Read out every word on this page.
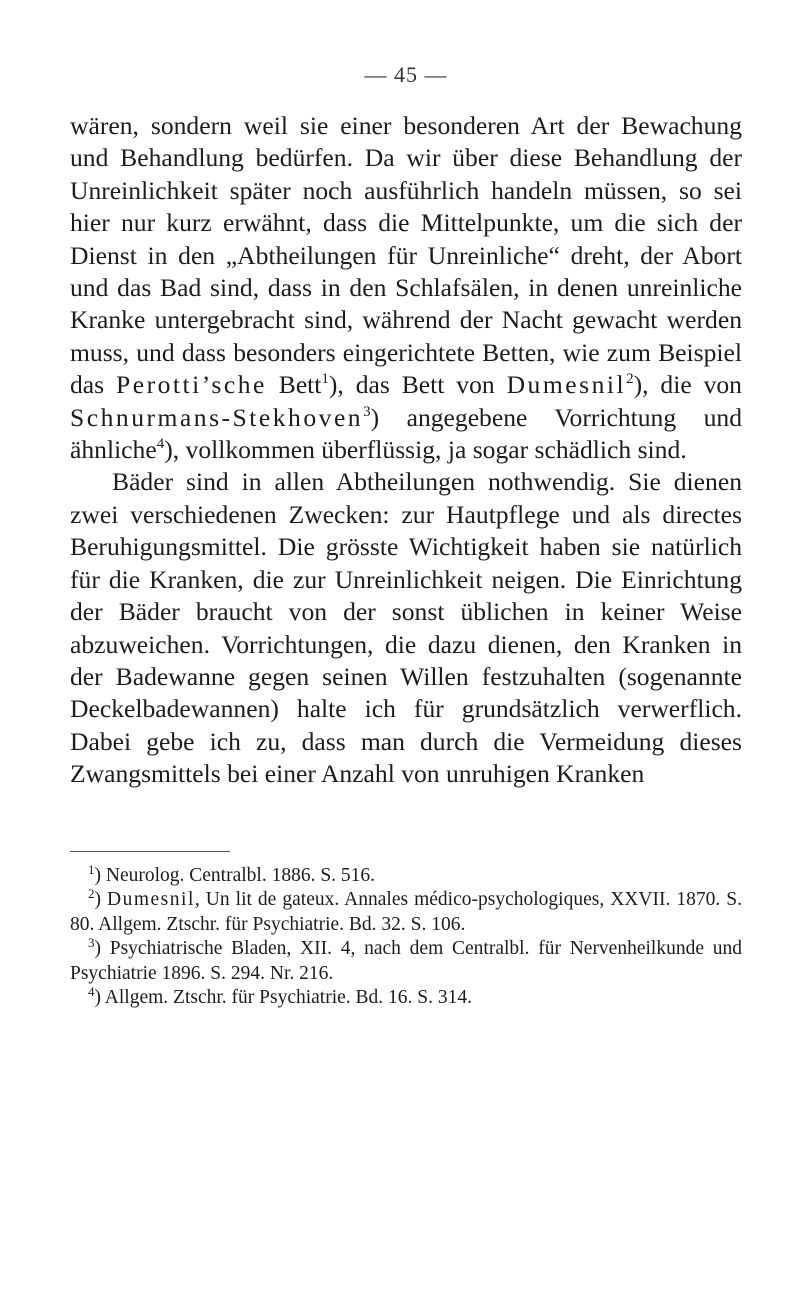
— 45 —

wären, sondern weil sie einer besonderen Art der Bewachung und Behandlung bedürfen. Da wir über diese Behandlung der Unreinlichkeit später noch ausführlich handeln müssen, so sei hier nur kurz erwähnt, dass die Mittelpunkte, um die sich der Dienst in den „Abtheilungen für Unreinliche“ dreht, der Abort und das Bad sind, dass in den Schlafsälen, in denen unreinliche Kranke untergebracht sind, während der Nacht gewacht werden muss, und dass besonders eingerichtete Betten, wie zum Beispiel das Perotti’sche Bett$^1$), das Bett von Dumesnil$^2$), die von Schnurmans-Stekhoven$^3$) angegebene Vorrichtung und ähnliche$^4$), vollkommen überflüssig, ja sogar schädlich sind.

Bäder sind in allen Abtheilungen nothwendig. Sie dienen zwei verschiedenen Zwecken: zur Hautpflege und als directes Beruhigungsmittel. Die grösste Wichtigkeit haben sie natürlich für die Kranken, die zur Unreinlichkeit neigen. Die Einrichtung der Bäder braucht von der sonst üblichen in keiner Weise abzuweichen. Vorrichtungen, die dazu dienen, den Kranken in der Badewanne gegen seinen Willen festzuhalten (sogenannte Deckelbadewannen) halte ich für grundsätzlich verwerflich. Dabei gebe ich zu, dass man durch die Vermeidung dieses Zwangsmittels bei einer Anzahl von unruhigen Kranken

$^1$) Neurolog. Centralbl. 1886. S. 516.

$^2$) Dumesnil, Un lit de gateux. Annales médico-psychologiques, XXVII. 1870. S. 80. Allgem. Ztschr. für Psychiatrie. Bd. 32. S. 106.

$^3$) Psychiatrische Bladen, XII. 4, nach dem Centralbl. für Nervenheilkunde und Psychiatrie 1896. S. 294. Nr. 216.

$^4$) Allgem. Ztschr. für Psychiatrie. Bd. 16. S. 314.
